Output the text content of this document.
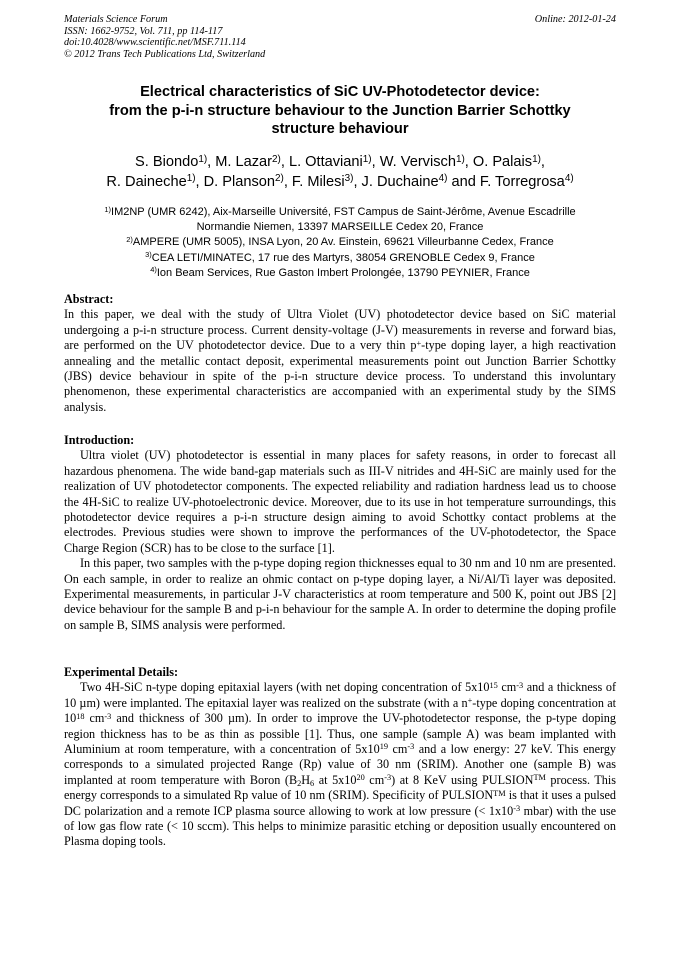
Materials Science Forum
ISSN: 1662-9752, Vol. 711, pp 114-117
doi:10.4028/www.scientific.net/MSF.711.114
© 2012 Trans Tech Publications Ltd, Switzerland
Online: 2012-01-24
Electrical characteristics of SiC UV-Photodetector device:
from the p-i-n structure behaviour to the Junction Barrier Schottky
structure behaviour
S. Biondo$^{1)}$, M. Lazar$^{2)}$, L. Ottaviani$^{1)}$, W. Vervisch$^{1)}$, O. Palais$^{1)}$,
R. Daineche$^{1)}$, D. Planson$^{2)}$, F. Milesi$^{3)}$, J. Duchaine$^{4)}$ and F. Torregrosa$^{4)}$
$^{1)}$IM2NP (UMR 6242), Aix-Marseille Université, FST Campus de Saint-Jérôme, Avenue Escadrille
Normandie Niemen, 13397 MARSEILLE Cedex 20, France
$^{2)}$AMPERE (UMR 5005), INSA Lyon, 20 Av. Einstein, 69621 Villeurbanne Cedex, France
$^{3)}$CEA LETI/MINATEC, 17 rue des Martyrs, 38054 GRENOBLE Cedex 9, France
$^{4)}$Ion Beam Services, Rue Gaston Imbert Prolongée, 13790 PEYNIER, France
Abstract:

In this paper, we deal with the study of Ultra Violet (UV) photodetector device based on SiC material undergoing a p-i-n structure process. Current density-voltage (J-V) measurements in reverse and forward bias, are performed on the UV photodetector device. Due to a very thin p+-type doping layer, a high reactivation annealing and the metallic contact deposit, experimental measurements point out Junction Barrier Schottky (JBS) device behaviour in spite of the p-i-n structure device process. To understand this involuntary phenomenon, these experimental characteristics are accompanied with an experimental study by the SIMS analysis.

Introduction:

Ultra violet (UV) photodetector is essential in many places for safety reasons, in order to forecast all hazardous phenomena. The wide band-gap materials such as III-V nitrides and 4H-SiC are mainly used for the realization of UV photodetector components. The expected reliability and radiation hardness lead us to choose the 4H-SiC to realize UV-photoelectronic device. Moreover, due to its use in hot temperature surroundings, this photodetector device requires a p-i-n structure design aiming to avoid Schottky contact problems at the electrodes. Previous studies were shown to improve the performances of the UV-photodetector, the Space Charge Region (SCR) has to be close to the surface [1].

In this paper, two samples with the p-type doping region thicknesses equal to 30 nm and 10 nm are presented. On each sample, in order to realize an ohmic contact on p-type doping layer, a Ni/Al/Ti layer was deposited. Experimental measurements, in particular J-V characteristics at room temperature and 500 K, point out JBS [2] device behaviour for the sample B and p-i-n behaviour for the sample A. In order to determine the doping profile on sample B, SIMS analysis were performed.

Experimental Details:

Two 4H-SiC n-type doping epitaxial layers (with net doping concentration of $5x10^{15}$ $cm^{-3}$ and a thickness of 10 µm) were implanted. The epitaxial layer was realized on the substrate (with a n+-type doping concentration at $10^{18}$ $cm^{-3}$ and thickness of 300 µm). In order to improve the UV-photodetector response, the p-type doping region thickness has to be as thin as possible [1]. Thus, one sample (sample A) was beam implanted with Aluminium at room temperature, with a concentration of $5x10^{19}$ $cm^{-3}$ and a low energy: 27 keV. This energy corresponds to a simulated projected Range (Rp) value of 30 nm (SRIM). Another one (sample B) was implanted at room temperature with Boron ($B_2H_6$ at $5x10^{20}$ $cm^{-3}$) at 8 KeV using PULSION™ process. This energy corresponds to a simulated Rp value of 10 nm (SRIM). Specificity of PULSION™ is that it uses a pulsed DC polarization and a remote ICP plasma source allowing to work at low pressure (< $1x10^{-3}$ mbar) with the use of low gas flow rate (< 10 sccm). This helps to minimize parasitic etching or deposition usually encountered on Plasma doping tools.
